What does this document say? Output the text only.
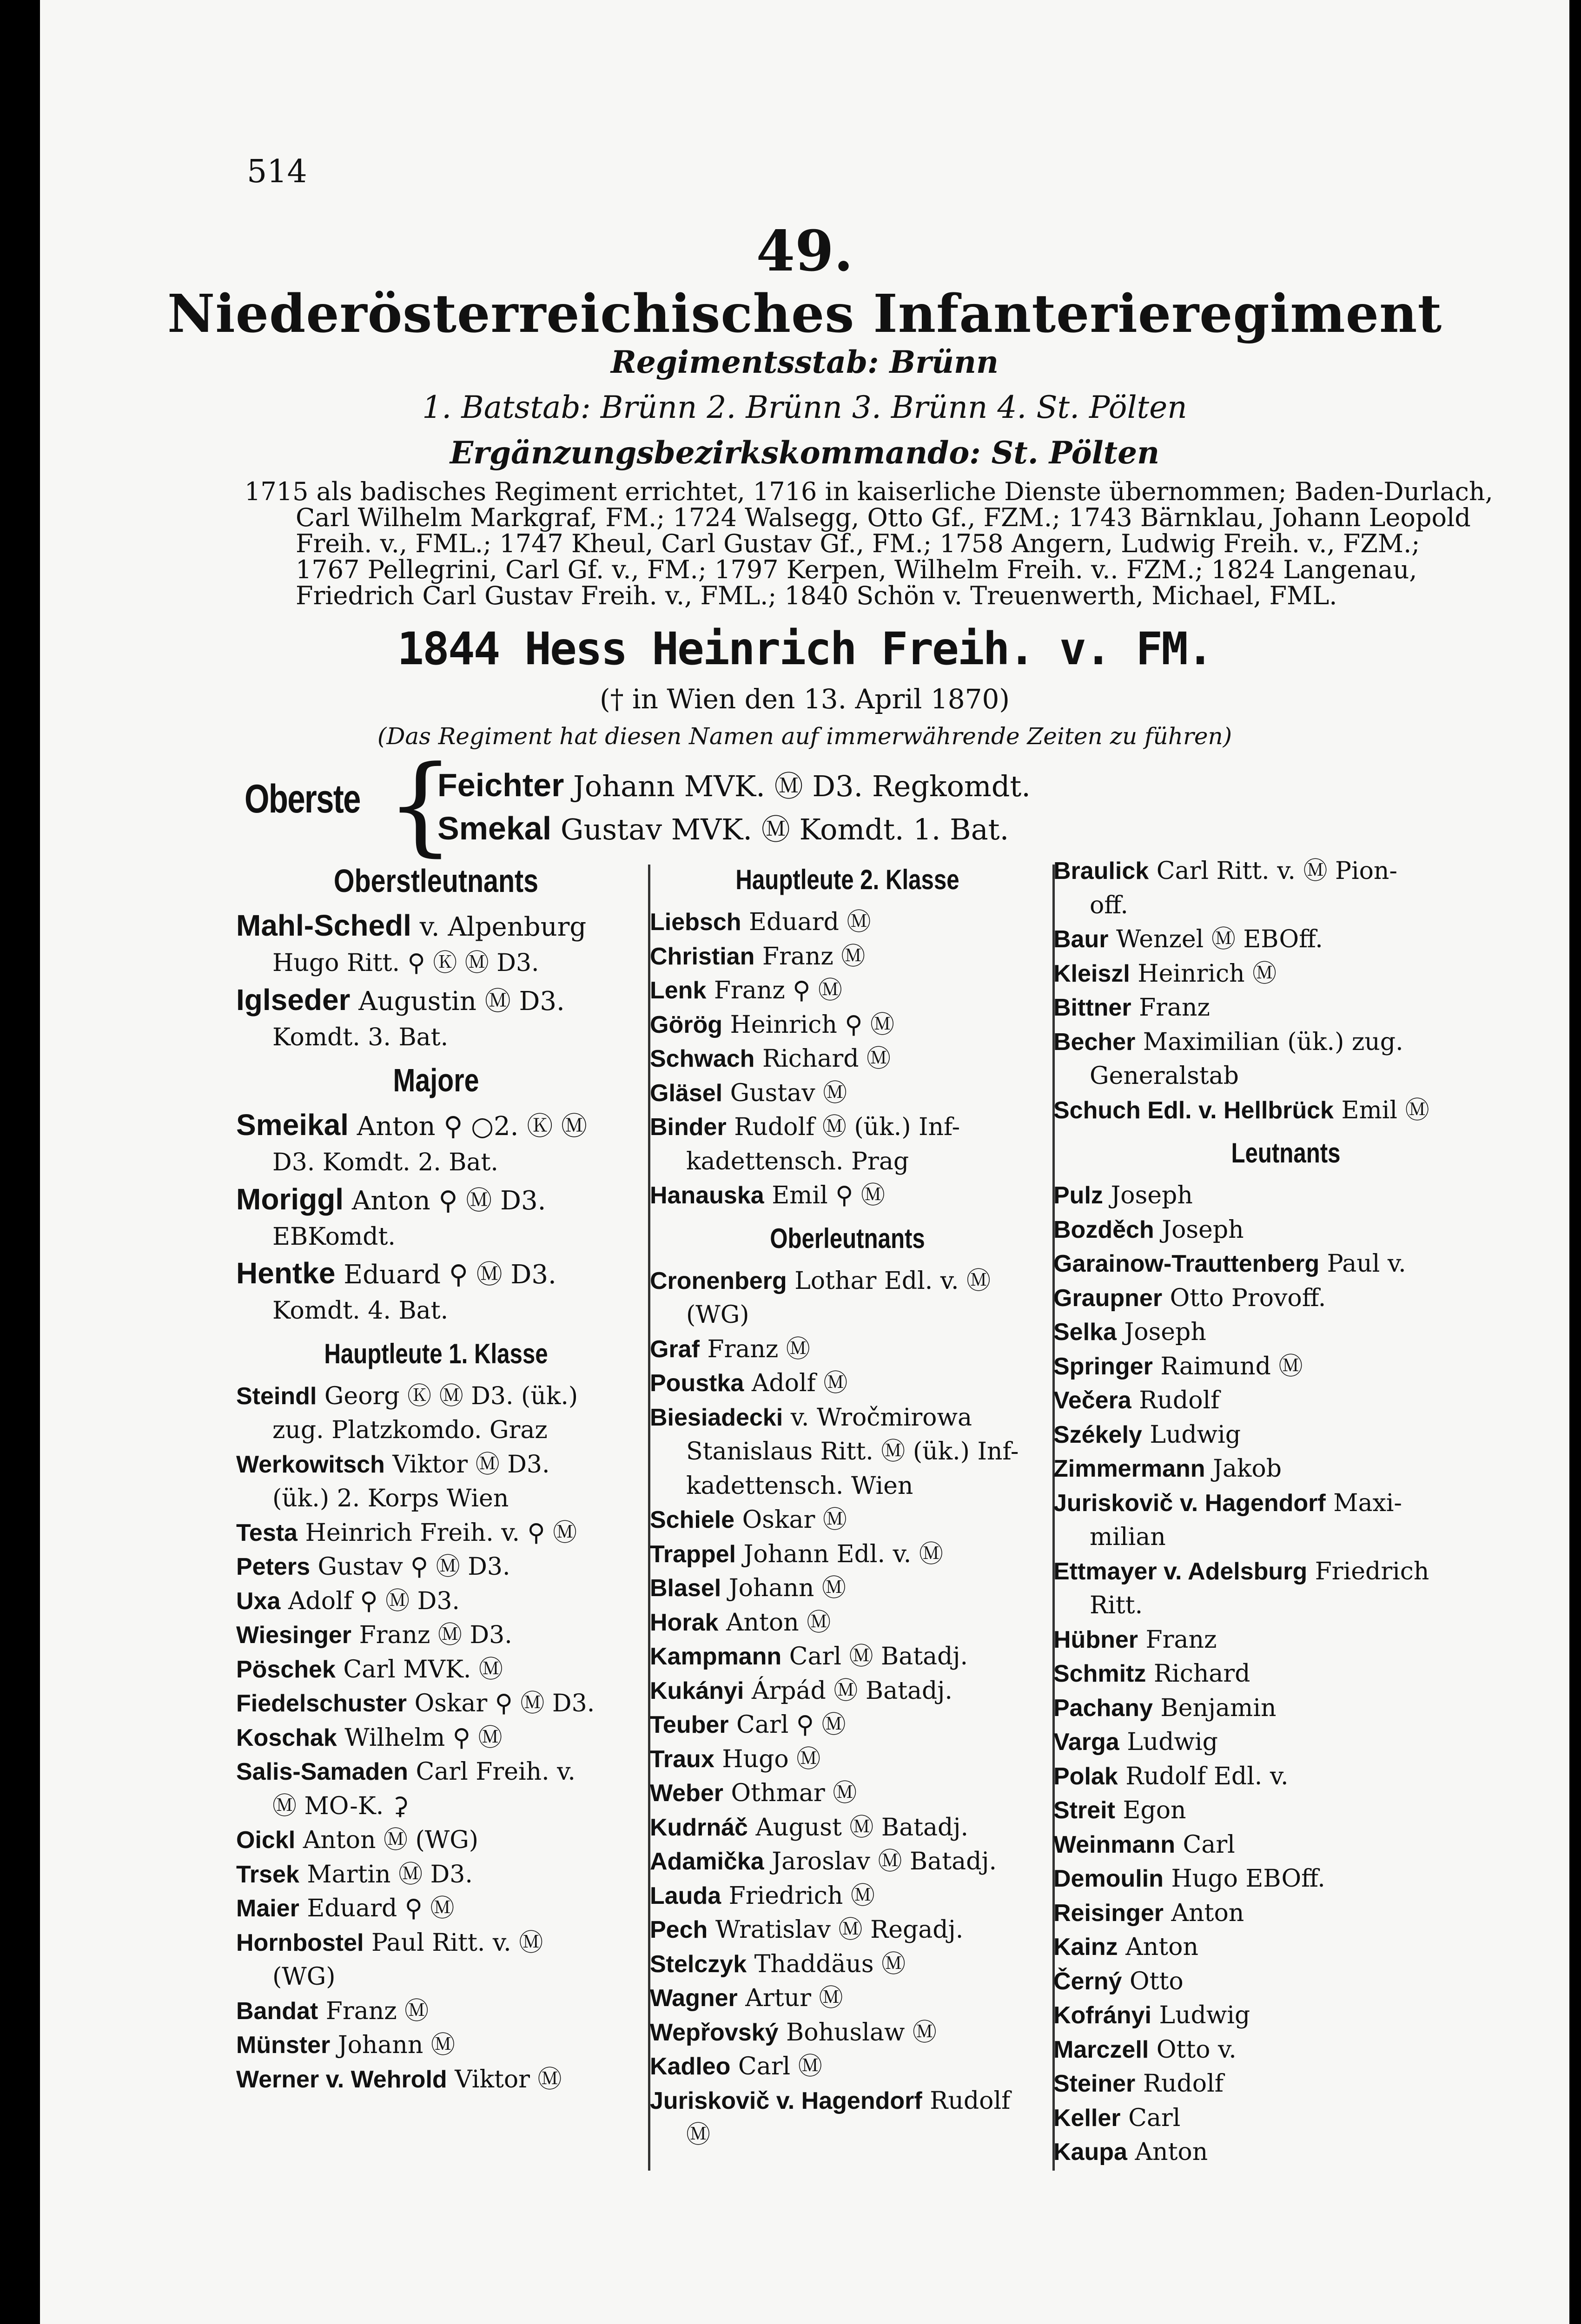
514
49.
Niederösterreichisches Infanterieregiment
Regimentsstab: Brünn
1. Batstab: Brünn 2. Brünn 3. Brünn 4. St. Pölten
Ergänzungsbezirkskommando: St. Pölten
1715 als badisches Regiment errichtet, 1716 in kaiserliche Dienste übernommen; Baden-Durlach,
Carl Wilhelm Markgraf, FM.; 1724 Walsegg, Otto Gf., FZM.; 1743 Bärnklau, Johann Leopold
Freih. v., FML.; 1747 Kheul, Carl Gustav Gf., FM.; 1758 Angern, Ludwig Freih. v., FZM.;
1767 Pellegrini, Carl Gf. v., FM.; 1797 Kerpen, Wilhelm Freih. v.. FZM.; 1824 Langenau,
Friedrich Carl Gustav Freih. v., FML.; 1840 Schön v. Treuenwerth, Michael, FML.
1844 Hess Heinrich Freih. v. FM.
(† in Wien den 13. April 1870)
(Das Regiment hat diesen Namen auf immerwährende Zeiten zu führen)
Oberste {
Feichter Johann MVK. Ⓜ D3. Regkomdt.
Smekal Gustav MVK. Ⓜ Komdt. 1. Bat.
Oberstleutnants
Mahl-Schedl v. Alpenburg
Hugo Ritt. ⚲ Ⓚ Ⓜ D3.
Iglseder Augustin Ⓜ D3.
Komdt. 3. Bat.
Majore
Smeikal Anton ⚲ ○2. Ⓚ Ⓜ
D3. Komdt. 2. Bat.
Moriggl Anton ⚲ Ⓜ D3.
EBKomdt.
Hentke Eduard ⚲ Ⓜ D3.
Komdt. 4. Bat.
Hauptleute 1. Klasse
Steindl Georg Ⓚ Ⓜ D3. (ük.)
zug. Platzkomdo. Graz
Werkowitsch Viktor Ⓜ D3.
(ük.) 2. Korps Wien
Testa Heinrich Freih. v. ⚲ Ⓜ
Peters Gustav ⚲ Ⓜ D3.
Uxa Adolf ⚲ Ⓜ D3.
Wiesinger Franz Ⓜ D3.
Pöschek Carl MVK. Ⓜ
Fiedelschuster Oskar ⚲ Ⓜ D3.
Koschak Wilhelm ⚲ Ⓜ
Salis-Samaden Carl Freih. v.
Ⓜ MO-K. ⚳
Oickl Anton Ⓜ (WG)
Trsek Martin Ⓜ D3.
Maier Eduard ⚲ Ⓜ
Hornbostel Paul Ritt. v. Ⓜ
(WG)
Bandat Franz Ⓜ
Münster Johann Ⓜ
Werner v. Wehrold Viktor Ⓜ
Hauptleute 2. Klasse
Liebsch Eduard Ⓜ
Christian Franz Ⓜ
Lenk Franz ⚲ Ⓜ
Görög Heinrich ⚲ Ⓜ
Schwach Richard Ⓜ
Gläsel Gustav Ⓜ
Binder Rudolf Ⓜ (ük.) Inf-
kadettensch. Prag
Hanauska Emil ⚲ Ⓜ
Oberleutnants
Cronenberg Lothar Edl. v. Ⓜ
(WG)
Graf Franz Ⓜ
Poustka Adolf Ⓜ
Biesiadecki v. Wročmirowa
Stanislaus Ritt. Ⓜ (ük.) Inf-
kadettensch. Wien
Schiele Oskar Ⓜ
Trappel Johann Edl. v. Ⓜ
Blasel Johann Ⓜ
Horak Anton Ⓜ
Kampmann Carl Ⓜ Batadj.
Kukányi Árpád Ⓜ Batadj.
Teuber Carl ⚲ Ⓜ
Traux Hugo Ⓜ
Weber Othmar Ⓜ
Kudrnáč August Ⓜ Batadj.
Adamička Jaroslav Ⓜ Batadj.
Lauda Friedrich Ⓜ
Pech Wratislav Ⓜ Regadj.
Stelczyk Thaddäus Ⓜ
Wagner Artur Ⓜ
Wepřovský Bohuslaw Ⓜ
Kadleo Carl Ⓜ
Juriskovič v. Hagendorf Rudolf
Ⓜ
Braulick Carl Ritt. v. Ⓜ Pion-
off.
Baur Wenzel Ⓜ EBOff.
Kleiszl Heinrich Ⓜ
Bittner Franz
Becher Maximilian (ük.) zug.
Generalstab
Schuch Edl. v. Hellbrück Emil Ⓜ
Leutnants
Pulz Joseph
Bozděch Joseph
Garainow-Trauttenberg Paul v.
Graupner Otto Provoff.
Selka Joseph
Springer Raimund Ⓜ
Večera Rudolf
Székely Ludwig
Zimmermann Jakob
Juriskovič v. Hagendorf Maxi-
milian
Ettmayer v. Adelsburg Friedrich
Ritt.
Hübner Franz
Schmitz Richard
Pachany Benjamin
Varga Ludwig
Polak Rudolf Edl. v.
Streit Egon
Weinmann Carl
Demoulin Hugo EBOff.
Reisinger Anton
Kainz Anton
Černý Otto
Kofrányi Ludwig
Marczell Otto v.
Steiner Rudolf
Keller Carl
Kaupa Anton
